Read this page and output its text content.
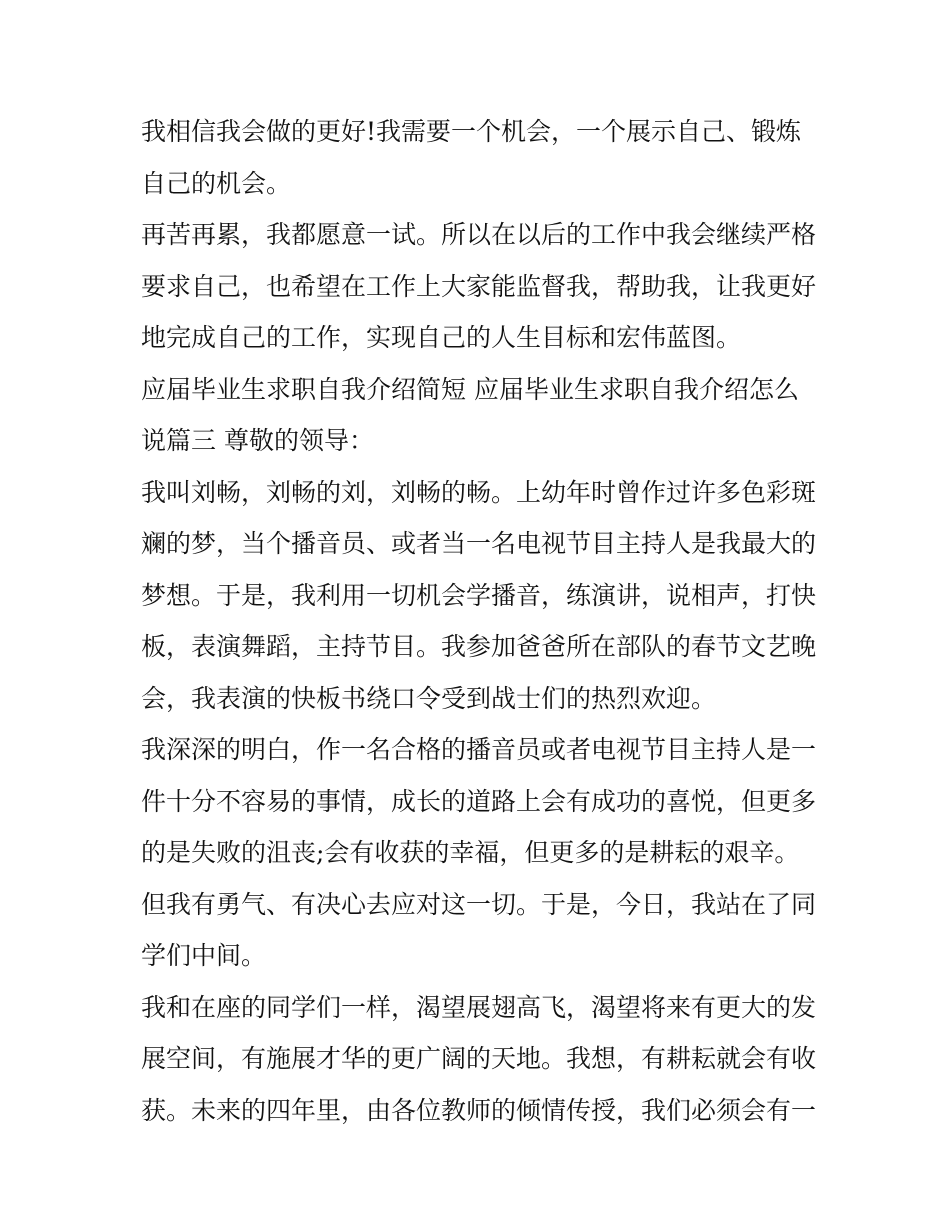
我相信我会做的更好!我需要一个机会，一个展示自己、锻炼
自己的机会。
再苦再累，我都愿意一试。所以在以后的工作中我会继续严格
要求自己，也希望在工作上大家能监督我，帮助我，让我更好
地完成自己的工作，实现自己的人生目标和宏伟蓝图。
应届毕业生求职自我介绍简短 应届毕业生求职自我介绍怎么
说篇三 尊敬的领导：
我叫刘畅，刘畅的刘，刘畅的畅。上幼年时曾作过许多色彩斑
斓的梦，当个播音员、或者当一名电视节目主持人是我最大的
梦想。于是，我利用一切机会学播音，练演讲，说相声，打快
板，表演舞蹈，主持节目。我参加爸爸所在部队的春节文艺晚
会，我表演的快板书绕口令受到战士们的热烈欢迎。
我深深的明白，作一名合格的播音员或者电视节目主持人是一
件十分不容易的事情，成长的道路上会有成功的喜悦，但更多
的是失败的沮丧;会有收获的幸福，但更多的是耕耘的艰辛。
但我有勇气、有决心去应对这一切。于是，今日，我站在了同
学们中间。
我和在座的同学们一样，渴望展翅高飞，渴望将来有更大的发
展空间，有施展才华的更广阔的天地。我想，有耕耘就会有收
获。未来的四年里，由各位教师的倾情传授，我们必须会有一
